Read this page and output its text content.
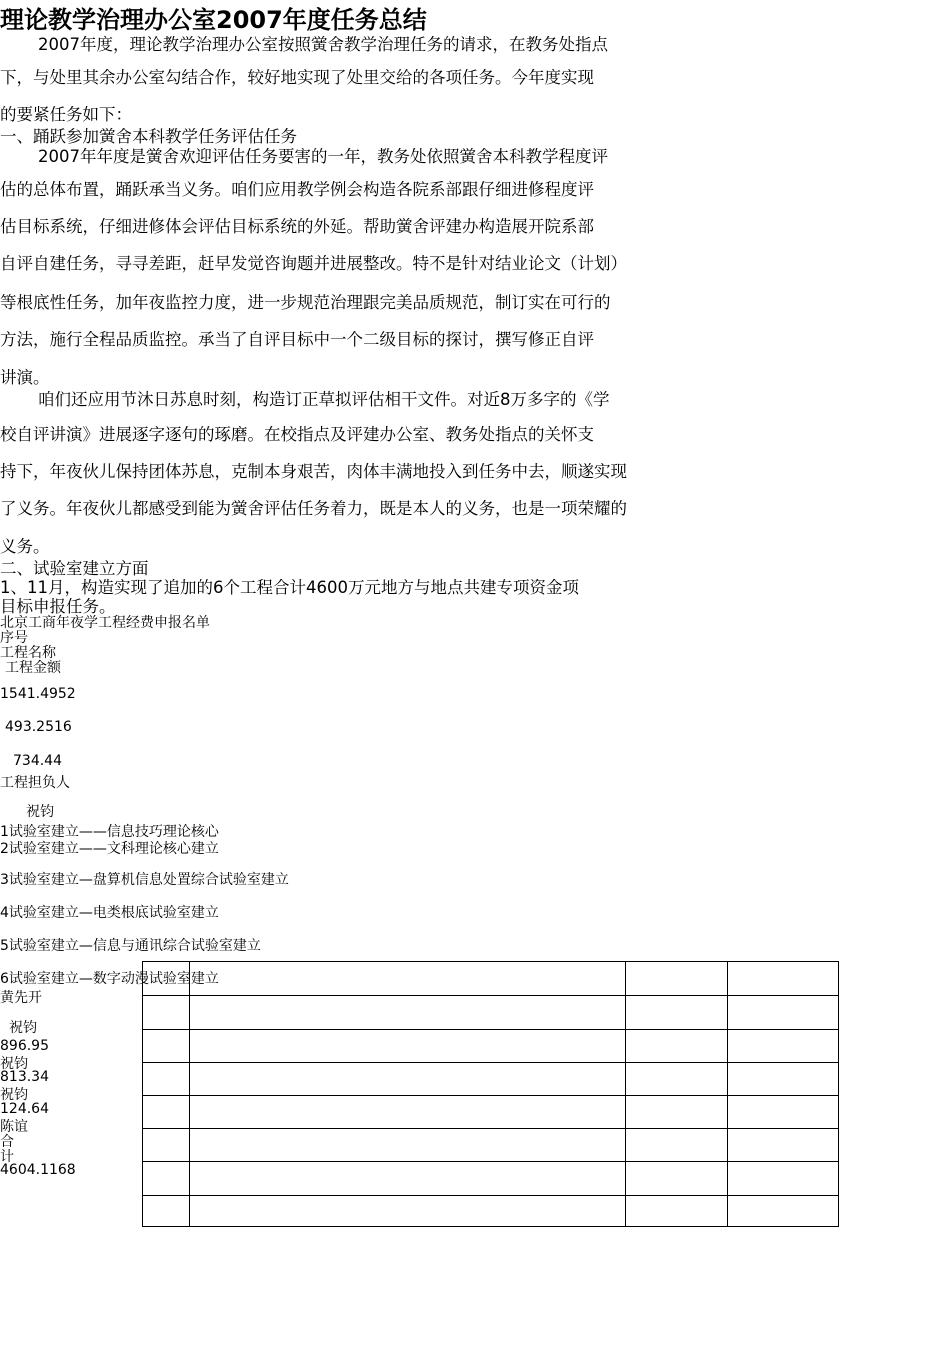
理论教学治理办公室2007年度任务总结

2007年度，理论教学治理办公室按照黉舍教学治理任务的请求，在教务处指点

下，与处里其余办公室勾结合作，较好地实现了处里交给的各项任务。今年度实现

的要紧任务如下：

一、踊跃参加黉舍本科教学任务评估任务

2007年年度是黉舍欢迎评估任务要害的一年，教务处依照黉舍本科教学程度评

估的总体布置，踊跃承当义务。咱们应用教学例会构造各院系部跟仔细进修程度评

估目标系统，仔细进修体会评估目标系统的外延。帮助黉舍评建办构造展开院系部

自评自建任务，寻寻差距，赶早发觉咨询题并进展整改。特不是针对结业论文（计划）

等根底性任务，加年夜监控力度，进一步规范治理跟完美品质规范，制订实在可行的

方法，施行全程品质监控。承当了自评目标中一个二级目标的探讨，撰写修正自评

讲演。

咱们还应用节沐日苏息时刻，构造订正草拟评估相干文件。对近8万多字的《学

校自评讲演》进展逐字逐句的琢磨。在校指点及评建办公室、教务处指点的关怀支

持下，年夜伙儿保持团体苏息，克制本身艰苦，肉体丰满地投入到任务中去，顺遂实现

了义务。年夜伙儿都感受到能为黉舍评估任务着力，既是本人的义务，也是一项荣耀的

义务。

二、试验室建立方面

1、11月，构造实现了追加的6个工程合计4600万元地方与地点共建专项资金项

目标申报任务。

北京工商年夜学工程经费申报名单

序号

工程名称

工程金额

1541.4952

493.2516

734.44

工程担负人

祝钧

1试验室建立——信息技巧理论核心

2试验室建立——文科理论核心建立

3试验室建立—盘算机信息处置综合试验室建立

4试验室建立—电类根底试验室建立

5试验室建立—信息与通讯综合试验室建立

6试验室建立—数字动漫试验室建立

黄先开

祝钧

896.95

祝钧

813.34

祝钧

124.64

陈谊

合

计

4604.1168
